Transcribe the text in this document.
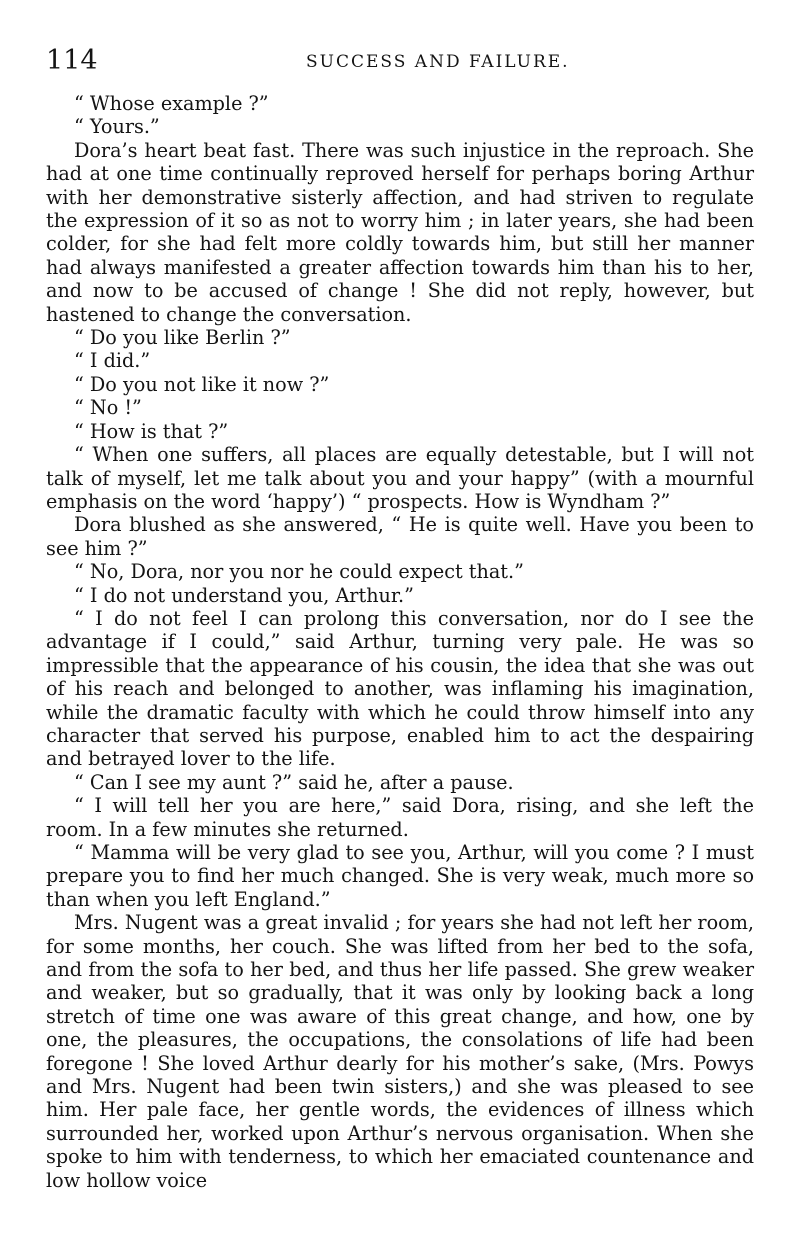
114	SUCCESS AND FAILURE.

“ Whose example ?”

“ Yours.”

Dora’s heart beat fast. There was such injustice in the reproach. She had at one time continually reproved herself for perhaps boring Arthur with her demonstrative sisterly affection, and had striven to regulate the expression of it so as not to worry him ; in later years, she had been colder, for she had felt more coldly towards him, but still her manner had always manifested a greater affection towards him than his to her, and now to be accused of change ! She did not reply, however, but hastened to change the conversation.

“ Do you like Berlin ?”

“ I did.”

“ Do you not like it now ?”

“ No !”

“ How is that ?”

“ When one suffers, all places are equally detestable, but I will not talk of myself, let me talk about you and your happy” (with a mournful emphasis on the word ‘happy’) “ prospects. How is Wyndham ?”

Dora blushed as she answered, “ He is quite well. Have you been to see him ?”

“ No, Dora, nor you nor he could expect that.”

“ I do not understand you, Arthur.”

“ I do not feel I can prolong this conversation, nor do I see the advantage if I could,” said Arthur, turning very pale. He was so impressible that the appearance of his cousin, the idea that she was out of his reach and belonged to another, was inflaming his imagination, while the dramatic faculty with which he could throw himself into any character that served his purpose, enabled him to act the despairing and betrayed lover to the life.

“ Can I see my aunt ?” said he, after a pause.

“ I will tell her you are here,” said Dora, rising, and she left the room. In a few minutes she returned.

“ Mamma will be very glad to see you, Arthur, will you come ? I must prepare you to find her much changed. She is very weak, much more so than when you left England.”

Mrs. Nugent was a great invalid ; for years she had not left her room, for some months, her couch. She was lifted from her bed to the sofa, and from the sofa to her bed, and thus her life passed. She grew weaker and weaker, but so gradually, that it was only by looking back a long stretch of time one was aware of this great change, and how, one by one, the pleasures, the occupations, the consolations of life had been foregone ! She loved Arthur dearly for his mother’s sake, (Mrs. Powys and Mrs. Nugent had been twin sisters,) and she was pleased to see him. Her pale face, her gentle words, the evidences of illness which surrounded her, worked upon Arthur’s nervous organisation. When she spoke to him with tenderness, to which her emaciated countenance and low hollow voice
